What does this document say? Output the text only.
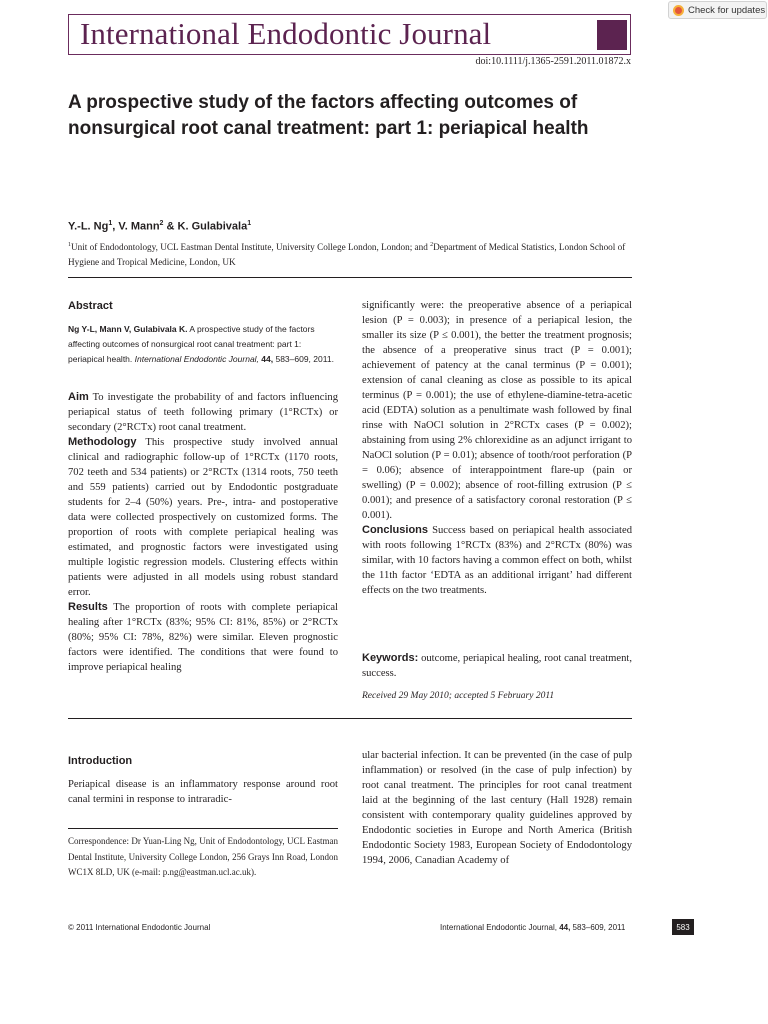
International Endodontic Journal
Check for updates
doi:10.1111/j.1365-2591.2011.01872.x
A prospective study of the factors affecting outcomes of nonsurgical root canal treatment: part 1: periapical health
Y.-L. Ng$^1$, V. Mann$^2$ & K. Gulabivala$^1$
$^1$Unit of Endodontology, UCL Eastman Dental Institute, University College London, London; and $^2$Department of Medical Statistics, London School of Hygiene and Tropical Medicine, London, UK
Abstract
Ng Y-L, Mann V, Gulabivala K. A prospective study of the factors affecting outcomes of nonsurgical root canal treatment: part 1: periapical health. International Endodontic Journal, 44, 583–609, 2011.

Aim To investigate the probability of and factors influencing periapical status of teeth following primary (1°RCTx) or secondary (2°RCTx) root canal treatment.
Methodology This prospective study involved annual clinical and radiographic follow-up of 1°RCTx (1170 roots, 702 teeth and 534 patients) or 2°RCTx (1314 roots, 750 teeth and 559 patients) carried out by Endodontic postgraduate students for 2–4 (50%) years. Pre-, intra- and postoperative data were collected prospectively on customized forms. The proportion of roots with complete periapical healing was estimated, and prognostic factors were investigated using multiple logistic regression models. Clustering effects within patients were adjusted in all models using robust standard error.
Results The proportion of roots with complete periapical healing after 1°RCTx (83%; 95% CI: 81%, 85%) or 2°RCTx (80%; 95% CI: 78%, 82%) were similar. Eleven prognostic factors were identified. The conditions that were found to improve periapical healing

significantly were: the preoperative absence of a periapical lesion (P = 0.003); in presence of a periapical lesion, the smaller its size (P ≤ 0.001), the better the treatment prognosis; the absence of a preoperative sinus tract (P = 0.001); achievement of patency at the canal terminus (P = 0.001); extension of canal cleaning as close as possible to its apical terminus (P = 0.001); the use of ethylene-diamine-tetra-acetic acid (EDTA) solution as a penultimate wash followed by final rinse with NaOCl solution in 2°RCTx cases (P = 0.002); abstaining from using 2% chlorexidine as an adjunct irrigant to NaOCl solution (P = 0.01); absence of tooth/root perforation (P = 0.06); absence of interappointment flare-up (pain or swelling) (P = 0.002); absence of root-filling extrusion (P ≤ 0.001); and presence of a satisfactory coronal restoration (P ≤ 0.001).
Conclusions Success based on periapical health associated with roots following 1°RCTx (83%) and 2°RCTx (80%) was similar, with 10 factors having a common effect on both, whilst the 11th factor ‘EDTA as an additional irrigant’ had different effects on the two treatments.

Keywords: outcome, periapical healing, root canal treatment, success.

Received 29 May 2010; accepted 5 February 2011
Introduction

Periapical disease is an inflammatory response around root canal termini in response to intraradic-

ular bacterial infection. It can be prevented (in the case of pulp inflammation) or resolved (in the case of pulp infection) by root canal treatment. The principles for root canal treatment laid at the beginning of the last century (Hall 1928) remain consistent with contemporary quality guidelines approved by Endodontic societies in Europe and North America (British Endodontic Society 1983, European Society of Endodontology 1994, 2006, Canadian Academy of

Correspondence: Dr Yuan-Ling Ng, Unit of Endodontology, UCL Eastman Dental Institute, University College London, 256 Grays Inn Road, London WC1X 8LD, UK (e-mail: p.ng@eastman.ucl.ac.uk).
© 2011 International Endodontic Journal	International Endodontic Journal, 44, 583–609, 2011	583
